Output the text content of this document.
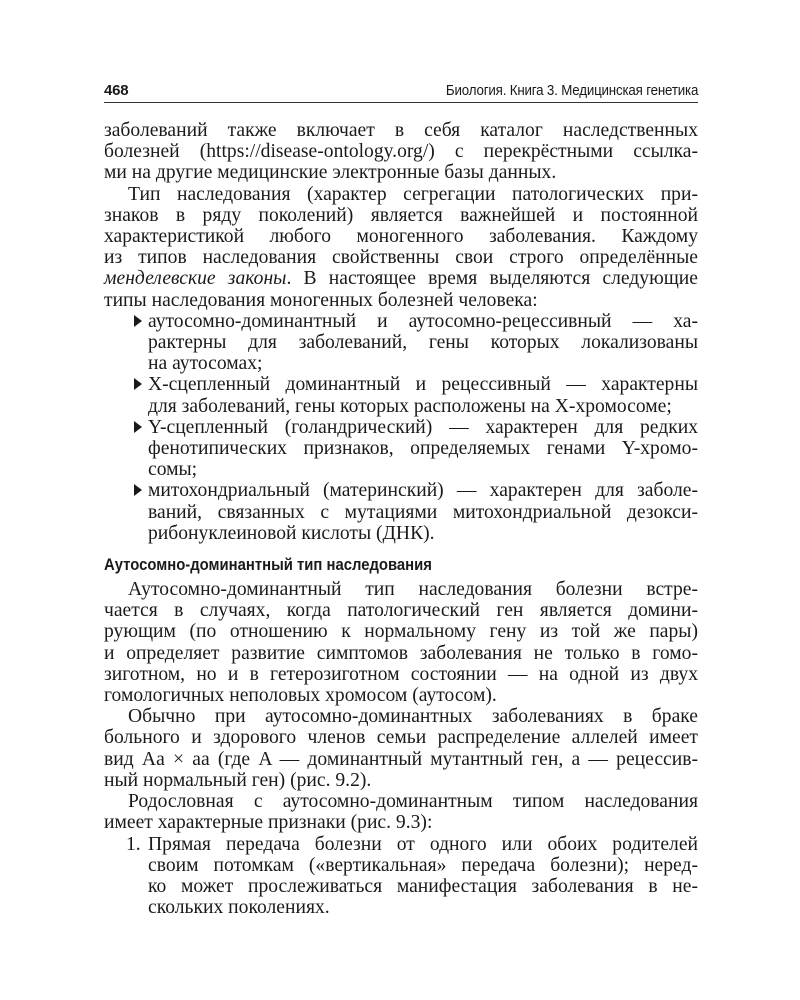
468	Биология. Книга 3. Медицинская генетика
заболеваний также включает в себя каталог наследственных
болезней (https://disease-ontology.org/) с перекрёстными ссылка-
ми на другие медицинские электронные базы данных.
Тип наследования (характер сегрегации патологических при-
знаков в ряду поколений) является важнейшей и постоянной
характеристикой любого моногенного заболевания. Каждому
из типов наследования свойственны свои строго определённые
менделевские законы. В настоящее время выделяются следующие
типы наследования моногенных болезней человека:
аутосомно-доминантный и аутосомно-рецессивный — ха-
рактерны для заболеваний, гены которых локализованы
на аутосомах;
X-сцепленный доминантный и рецессивный — характерны
для заболеваний, гены которых расположены на X-хромосоме;
Y-сцепленный (голандрический) — характерен для редких
фенотипических признаков, определяемых генами Y-хромо-
сомы;
митохондриальный (материнский) — характерен для заболе-
ваний, связанных с мутациями митохондриальной дезокси-
рибонуклеиновой кислоты (ДНК).
Аутосомно-доминантный тип наследования
Аутосомно-доминантный тип наследования болезни встре-
чается в случаях, когда патологический ген является домини-
рующим (по отношению к нормальному гену из той же пары)
и определяет развитие симптомов заболевания не только в гомо-
зиготном, но и в гетерозиготном состоянии — на одной из двух
гомологичных неполовых хромосом (аутосом).
Обычно при аутосомно-доминантных заболеваниях в браке
больного и здорового членов семьи распределение аллелей имеет
вид Aa × aa (где A — доминантный мутантный ген, a — рецессив-
ный нормальный ген) (рис. 9.2).
Родословная с аутосомно-доминантным типом наследования
имеет характерные признаки (рис. 9.3):
1. Прямая передача болезни от одного или обоих родителей
своим потомкам («вертикальная» передача болезни); неред-
ко может прослеживаться манифестация заболевания в не-
скольких поколениях.
